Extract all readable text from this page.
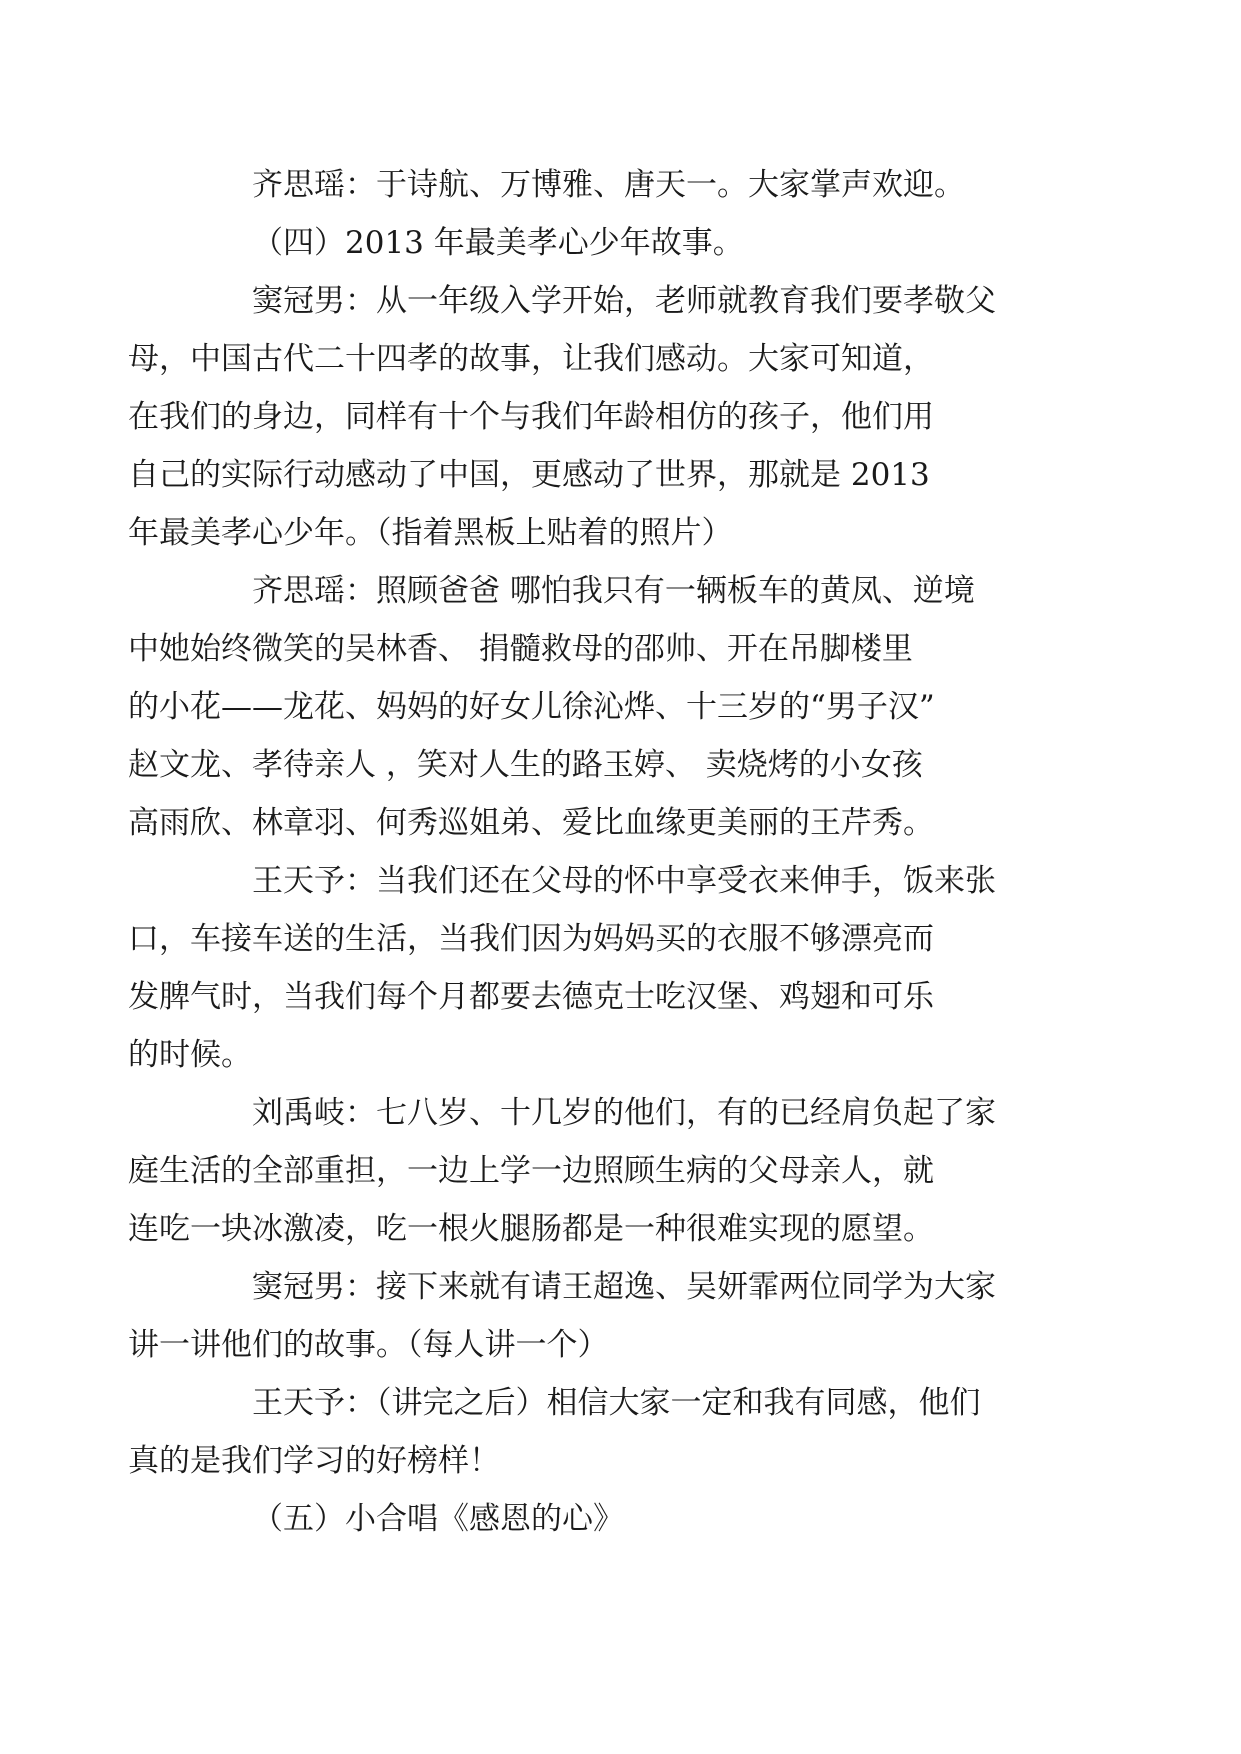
齐思瑶：于诗航、万博雅、唐天一。大家掌声欢迎。

（四）2013 年最美孝心少年故事。

窦冠男：从一年级入学开始，老师就教育我们要孝敬父
母，中国古代二十四孝的故事，让我们感动。大家可知道，
在我们的身边，同样有十个与我们年龄相仿的孩子，他们用
自己的实际行动感动了中国，更感动了世界，那就是 2013
年最美孝心少年。（指着黑板上贴着的照片）

齐思瑶：照顾爸爸 哪怕我只有一辆板车的黄凤、逆境
中她始终微笑的吴林香、 捐髓救母的邵帅、开在吊脚楼里
的小花——龙花、妈妈的好女儿徐沁烨、十三岁的“男子汉”
赵文龙、孝待亲人 ，笑对人生的路玉婷、 卖烧烤的小女孩
高雨欣、林章羽、何秀巡姐弟、爱比血缘更美丽的王芹秀。

王天予：当我们还在父母的怀中享受衣来伸手，饭来张
口，车接车送的生活，当我们因为妈妈买的衣服不够漂亮而
发脾气时，当我们每个月都要去德克士吃汉堡、鸡翅和可乐
的时候。

刘禹岐：七八岁、十几岁的他们，有的已经肩负起了家
庭生活的全部重担，一边上学一边照顾生病的父母亲人，就
连吃一块冰激凌，吃一根火腿肠都是一种很难实现的愿望。

窦冠男：接下来就有请王超逸、吴妍霏两位同学为大家
讲一讲他们的故事。（每人讲一个）

王天予：（讲完之后）相信大家一定和我有同感，他们
真的是我们学习的好榜样！

（五）小合唱《感恩的心》
